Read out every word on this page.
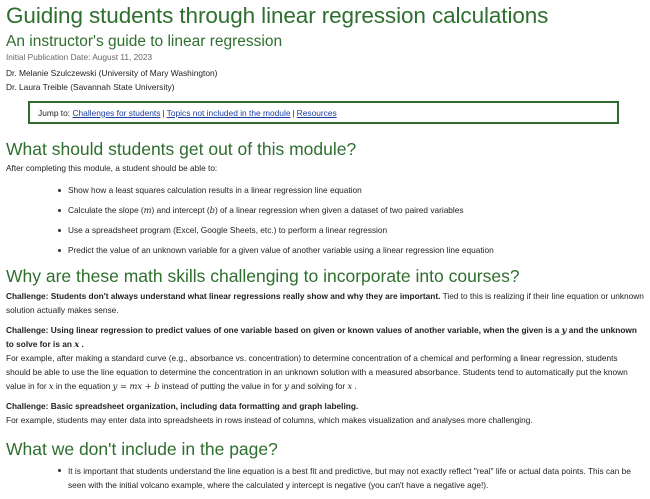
Guiding students through linear regression calculations
An instructor's guide to linear regression
Initial Publication Date: August 11, 2023
Dr. Melanie Szulczewski (University of Mary Washington)
Dr. Laura Treible (Savannah State University)
Jump to:
Challenges for students | Topics not included in the module | Resources
What should students get out of this module?
After completing this module, a student should be able to:
Show how a least squares calculation results in a linear regression line equation
Calculate the slope (m) and intercept (b) of a linear regression when given a dataset of two paired variables
Use a spreadsheet program (Excel, Google Sheets, etc.) to perform a linear regression
Predict the value of an unknown variable for a given value of another variable using a linear regression line equation
Why are these math skills challenging to incorporate into courses?

Challenge: Students don't always understand what linear regressions really show and why they are important. Tied to this is realizing if their line equation or unknown solution actually makes sense.

Challenge: Using linear regression to predict values of one variable based on given or known values of another variable, when the given is a y and the unknown to solve for is an x .
For example, after making a standard curve (e.g., absorbance vs. concentration) to determine concentration of a chemical and performing a linear regression, students should be able to use the line equation to determine the concentration in an unknown solution with a measured absorbance. Students tend to automatically put the known value in for x in the equation y = mx + b instead of putting the value in for y and solving for x .

Challenge: Basic spreadsheet organization, including data formatting and graph labeling.
For example, students may enter data into spreadsheets in rows instead of columns, which makes visualization and analyses more challenging.

What we don't include in the page?
It is important that students understand the line equation is a best fit and predictive, but may not exactly reflect "real" life or actual data points. This can be seen with the initial volcano example, where the calculated y intercept is negative (you can't have a negative age!).
